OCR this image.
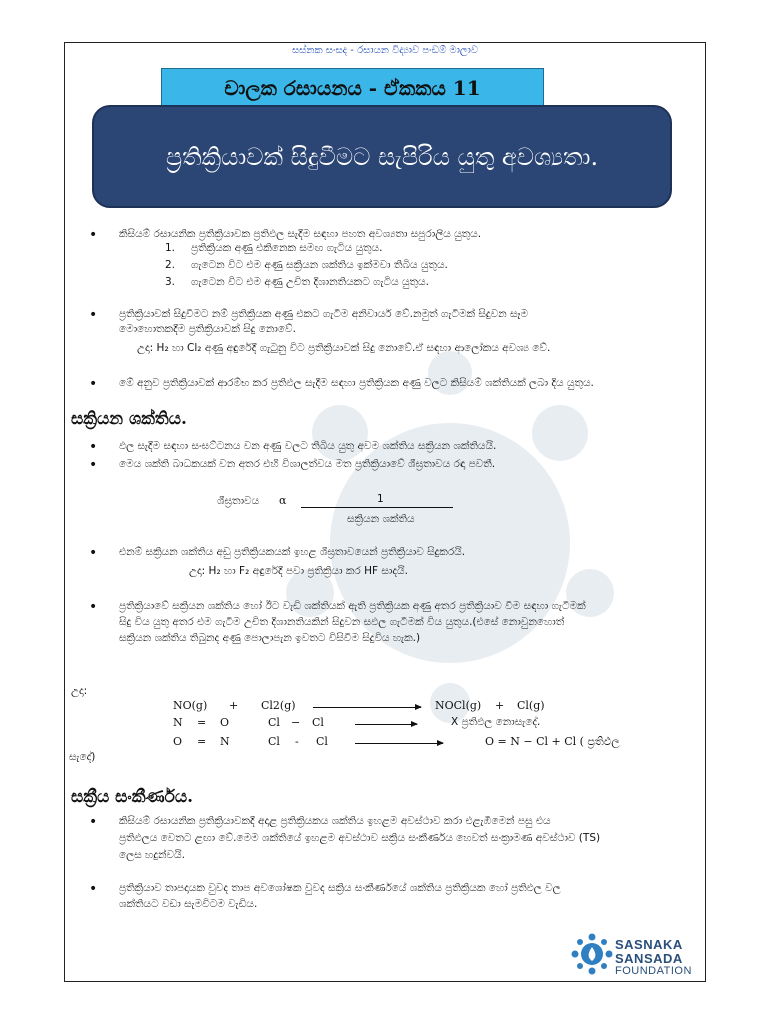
සස්නක සංසද - රසායන විද්‍යාව පංඩම් මාලාව
චාලක රසායනය - ඒකකය 11
ප්‍රතික්‍රියාවක් සිදුවීමට සැපිරිය යුතු අවශ්‍යතා.
• කිසියම් රසායනික ප්‍රතික්‍රියාවක ප්‍රතිඵල සැදීම සඳහා පහත අවශ්‍යතා සපුරාලිය යුතුය.
1. ප්‍රතික්‍රියක අණු එකිනෙක සමඟ ගැටිය යුතුය.
2. ගැටෙන විට එම අණු සක්‍රියන ශක්තිය ඉක්මවා තිබිය යුතුය.
3. ගැටෙන විට එම අණු උචිත දිශානතියකට ගැටිය යුතුය.
• ප්‍රතික්‍රියාවක් සිදුවීමට නම් ප්‍රතික්‍රියක අණු එකට ගැටීම අනිවාර්ය වේ.නමුත් ගැටීමක් සිදුවන සෑම
මොහොතකදීම ප්‍රතික්‍රියාවක් සිදු නොවේ.
උදා: H₂ හා Cl₂ අණු අඳුරේදී ගැටුනු විට ප්‍රතික්‍රියාවක් සිදු නොවේ.ඒ සඳහා ආලෝකය අවශ්‍ය වේ.
• මේ අනුව ප්‍රතික්‍රියාවක් ආරම්භ කර ප්‍රතිඵල සැදීම සඳහා ප්‍රතික්‍රියක අණු වලට කිසියම් ශක්තියක් ලබා දිය යුතුය.
සක්‍රියන ශක්තිය.
• ඵල සැදීම සඳහා සංඝට්ටනය වන අණු වලට තිබිය යුතු අවම ශක්තිය සක්‍රියන ශක්තියයි.
• මෙය ශක්ති බාධකයක් වන අතර එහි විශාලත්වය මත ප්‍රතික්‍රියාවේ ශීඝ්‍රතාවය රඳා පවතී.
ශීඝ්‍රතාවය α	1
සක්‍රියන ශක්තිය
• එනම් සක්‍රියන ශක්තිය අඩු ප්‍රතික්‍රියකයක් ඉහළ ශීඝ්‍රතාවයෙන් ප්‍රතික්‍රියාව සිදුකරයි.
උදා: H₂ හා F₂ අඳුරේදී පවා ප්‍රතික්‍රියා කර HF සාදයි.
• ප්‍රතික්‍රියාවේ සක්‍රියන ශක්තිය හෝ ඊට වැඩි ශක්තියක් ඇති ප්‍රතික්‍රියක අණු අතර ප්‍රතික්‍රියාව වීම සඳහා ගැටීමක්
සිදු විය යුතු අතර එම ගැටීම උචිත දිශානතියකින් සිදුවන සඵල ගැටීමක් විය යුතුය.(එසේ නොවුනහොත්
සක්‍රියන ශක්තිය තිබුනද අණු පොලාපැන ඉවතට විසිවීම සිදුවිය හැක.)
උදා:
NO(g) + Cl2(g)	NOCl(g) + Cl(g)
N = O	Cl − Cl	X ප්‍රතිඵල නොසැදේ.
O = N	Cl - Cl	O = N − Cl + Cl ( ප්‍රතිඵල
සැදේ)
සක්‍රීය සංකීර්ණය.
• කිසියම් රසායනික ප්‍රතික්‍රියාවකදී අදාළ ප්‍රතික්‍රියකය ශක්තිය ඉහළම අවස්ථාව කරා එළැඹීමෙන් පසු එය
ප්‍රතිඵලය වෙතට ළඟා වේ.මෙම ශක්තියේ ඉහළම අවස්ථාව සක්‍රිය සංකීර්ණය හෙවත් සංක්‍රාමණ අවස්ථාව (TS)
ලෙස හදුන්වයි.
• ප්‍රතික්‍රියාව තාපදායක වුවද තාප අවශෝෂක වුවද සක්‍රිය සංකීර්ණයේ ශක්තිය ප්‍රතික්‍රියක හෝ ප්‍රතිඵල වල
ශක්තියට වඩා සැමවිටම වැඩිය.
SASNAKA
SANSADA
FOUNDATION
